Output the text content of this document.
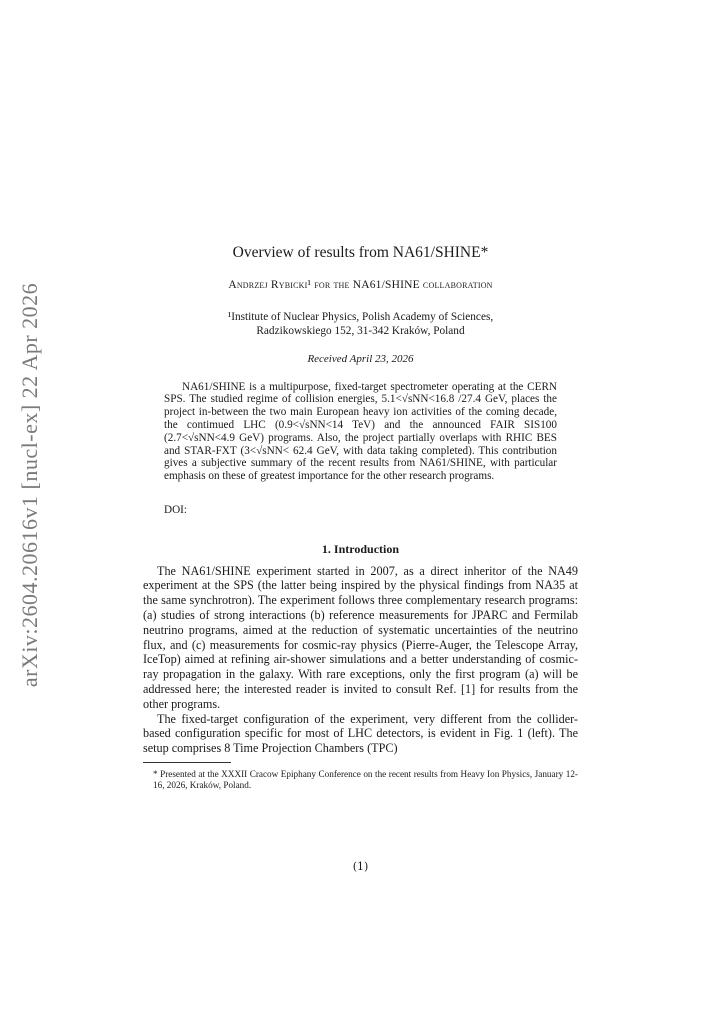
arXiv:2604.20616v1 [nucl-ex] 22 Apr 2026
Overview of results from NA61/SHINE*
Andrzej Rybicki¹ for the NA61/SHINE collaboration
¹Institute of Nuclear Physics, Polish Academy of Sciences,
Radzikowskiego 152, 31-342 Kraków, Poland
Received April 23, 2026

NA61/SHINE is a multipurpose, fixed-target spectrometer operating at the CERN SPS. The studied regime of collision energies, 5.1<√sNN<16.8 /27.4 GeV, places the project in-between the two main European heavy ion activities of the coming decade, the contimued LHC (0.9<√sNN<14 TeV) and the announced FAIR SIS100 (2.7<√sNN<4.9 GeV) programs. Also, the project partially overlaps with RHIC BES and STAR-FXT (3<√sNN< 62.4 GeV, with data taking completed). This contribution gives a subjective summary of the recent results from NA61/SHINE, with particular emphasis on these of greatest importance for the other research programs.

DOI:
1. Introduction

The NA61/SHINE experiment started in 2007, as a direct inheritor of the NA49 experiment at the SPS (the latter being inspired by the physical findings from NA35 at the same synchrotron). The experiment follows three complementary research programs: (a) studies of strong interactions (b) reference measurements for JPARC and Fermilab neutrino programs, aimed at the reduction of systematic uncertainties of the neutrino flux, and (c) measurements for cosmic-ray physics (Pierre-Auger, the Telescope Array, IceTop) aimed at refining air-shower simulations and a better understanding of cosmic-ray propagation in the galaxy. With rare exceptions, only the first program (a) will be addressed here; the interested reader is invited to consult Ref. [1] for results from the other programs.

The fixed-target configuration of the experiment, very different from the collider-based configuration specific for most of LHC detectors, is evident in Fig. 1 (left). The setup comprises 8 Time Projection Chambers (TPC)

* Presented at the XXXII Cracow Epiphany Conference on the recent results from Heavy Ion Physics, January 12-16, 2026, Kraków, Poland.

(1)
